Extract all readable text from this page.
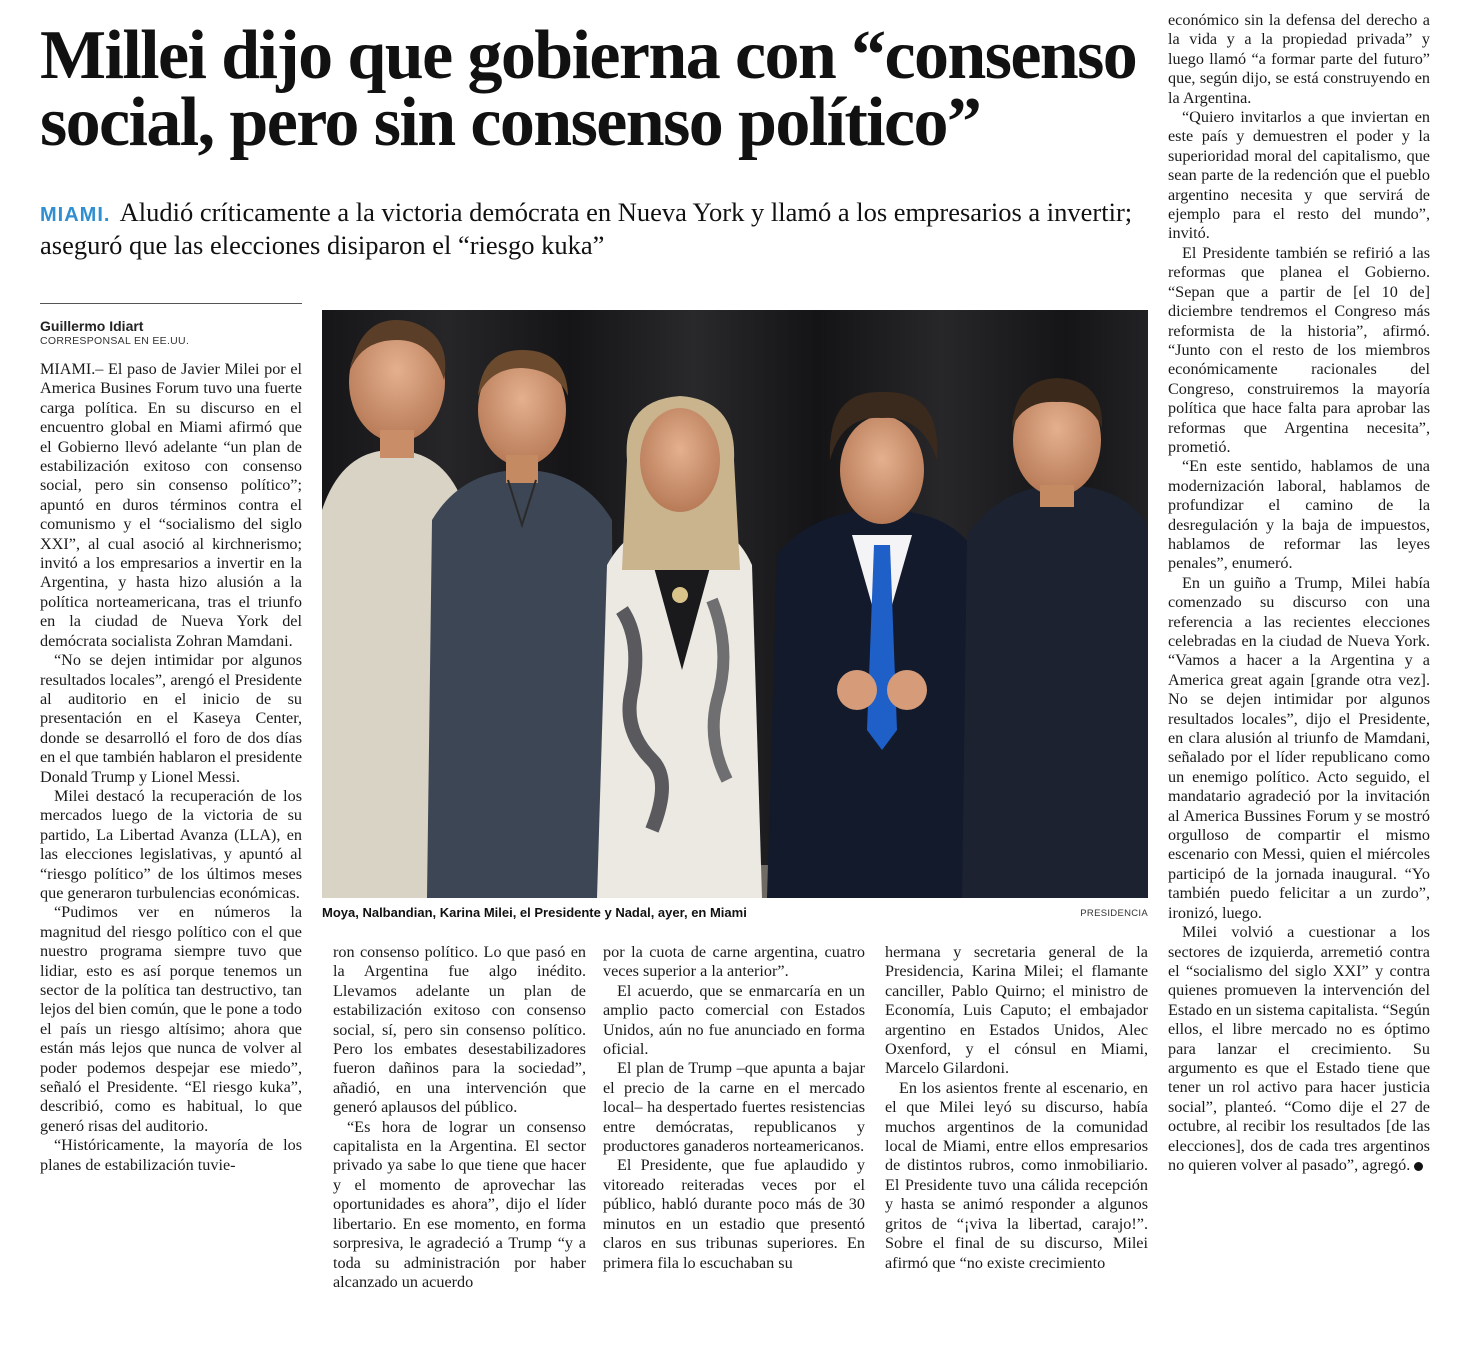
Millei dijo que gobierna con “consenso
social, pero sin consenso político”
MIAMI. Aludió críticamente a la victoria demócrata en Nueva York y llamó a los empresarios a invertir; aseguró que las elecciones disiparon el “riesgo kuka”
Guillermo Idiart
CORRESPONSAL EN EE.UU.

MIAMI.– El paso de Javier Milei por el America Busines Forum tuvo una fuerte carga política. En su discurso en el encuentro global en Miami afirmó que el Gobierno llevó adelante “un plan de estabilización exitoso con consenso social, pero sin consenso político”; apuntó en duros términos contra el comunismo y el “socialismo del siglo XXI”, al cual asoció al kirchnerismo; invitó a los empresarios a invertir en la Argentina, y hasta hizo alusión a la política norteamericana, tras el triunfo en la ciudad de Nueva York del demócrata socialista Zohran Mamdani.

“No se dejen intimidar por algunos resultados locales”, arengó el Presidente al auditorio en el inicio de su presentación en el Kaseya Center, donde se desarrolló el foro de dos días en el que también hablaron el presidente Donald Trump y Lionel Messi.

Milei destacó la recuperación de los mercados luego de la victoria de su partido, La Libertad Avanza (LLA), en las elecciones legislativas, y apuntó al “riesgo político” de los últimos meses que generaron turbulencias económicas.

“Pudimos ver en números la magnitud del riesgo político con el que nuestro programa siempre tuvo que lidiar, esto es así porque tenemos un sector de la política tan destructivo, tan lejos del bien común, que le pone a todo el país un riesgo altísimo; ahora que están más lejos que nunca de volver al poder podemos despejar ese miedo”, señaló el Presidente. “El riesgo kuka”, describió, como es habitual, lo que generó risas del auditorio.

“Históricamente, la mayoría de los planes de estabilización tuvie-

Moya, Nalbandian, Karina Milei, el Presidente y Nadal, ayer, en Miami	PRESIDENCIA

ron consenso político. Lo que pasó en la Argentina fue algo inédito. Llevamos adelante un plan de estabilización exitoso con consenso social, sí, pero sin consenso político. Pero los embates desestabilizadores fueron dañinos para la sociedad”, añadió, en una intervención que generó aplausos del público.

“Es hora de lograr un consenso capitalista en la Argentina. El sector privado ya sabe lo que tiene que hacer y el momento de aprovechar las oportunidades es ahora”, dijo el líder libertario. En ese momento, en forma sorpresiva, le agradeció a Trump “y a toda su administración por haber alcanzado un acuerdo

por la cuota de carne argentina, cuatro veces superior a la anterior”.

El acuerdo, que se enmarcaría en un amplio pacto comercial con Estados Unidos, aún no fue anunciado en forma oficial.

El plan de Trump –que apunta a bajar el precio de la carne en el mercado local– ha despertado fuertes resistencias entre demócratas, republicanos y productores ganaderos norteamericanos.

El Presidente, que fue aplaudido y vitoreado reiteradas veces por el público, habló durante poco más de 30 minutos en un estadio que presentó claros en sus tribunas superiores. En primera fila lo escuchaban su

hermana y secretaria general de la Presidencia, Karina Milei; el flamante canciller, Pablo Quirno; el ministro de Economía, Luis Caputo; el embajador argentino en Estados Unidos, Alec Oxenford, y el cónsul en Miami, Marcelo Gilardoni.

En los asientos frente al escenario, en el que Milei leyó su discurso, había muchos argentinos de la comunidad local de Miami, entre ellos empresarios de distintos rubros, como inmobiliario. El Presidente tuvo una cálida recepción y hasta se animó responder a algunos gritos de “¡viva la libertad, carajo!”. Sobre el final de su discurso, Milei afirmó que “no existe crecimiento

económico sin la defensa del derecho a la vida y a la propiedad privada” y luego llamó “a formar parte del futuro” que, según dijo, se está construyendo en la Argentina.

“Quiero invitarlos a que inviertan en este país y demuestren el poder y la superioridad moral del capitalismo, que sean parte de la redención que el pueblo argentino necesita y que servirá de ejemplo para el resto del mundo”, invitó.

El Presidente también se refirió a las reformas que planea el Gobierno. “Sepan que a partir de [el 10 de] diciembre tendremos el Congreso más reformista de la historia”, afirmó. “Junto con el resto de los miembros económicamente racionales del Congreso, construiremos la mayoría política que hace falta para aprobar las reformas que Argentina necesita”, prometió.

“En este sentido, hablamos de una modernización laboral, hablamos de profundizar el camino de la desregulación y la baja de impuestos, hablamos de reformar las leyes penales”, enumeró.

En un guiño a Trump, Milei había comenzado su discurso con una referencia a las recientes elecciones celebradas en la ciudad de Nueva York. “Vamos a hacer a la Argentina y a America great again [grande otra vez]. No se dejen intimidar por algunos resultados locales”, dijo el Presidente, en clara alusión al triunfo de Mamdani, señalado por el líder republicano como un enemigo político. Acto seguido, el mandatario agradeció por la invitación al America Bussines Forum y se mostró orgulloso de compartir el mismo escenario con Messi, quien el miércoles participó de la jornada inaugural. “Yo también puedo felicitar a un zurdo”, ironizó, luego.

Milei volvió a cuestionar a los sectores de izquierda, arremetió contra el “socialismo del siglo XXI” y contra quienes promueven la intervención del Estado en un sistema capitalista. “Según ellos, el libre mercado no es óptimo para lanzar el crecimiento. Su argumento es que el Estado tiene que tener un rol activo para hacer justicia social”, planteó. “Como dije el 27 de octubre, al recibir los resultados [de las elecciones], dos de cada tres argentinos no quieren volver al pasado”, agregó.
